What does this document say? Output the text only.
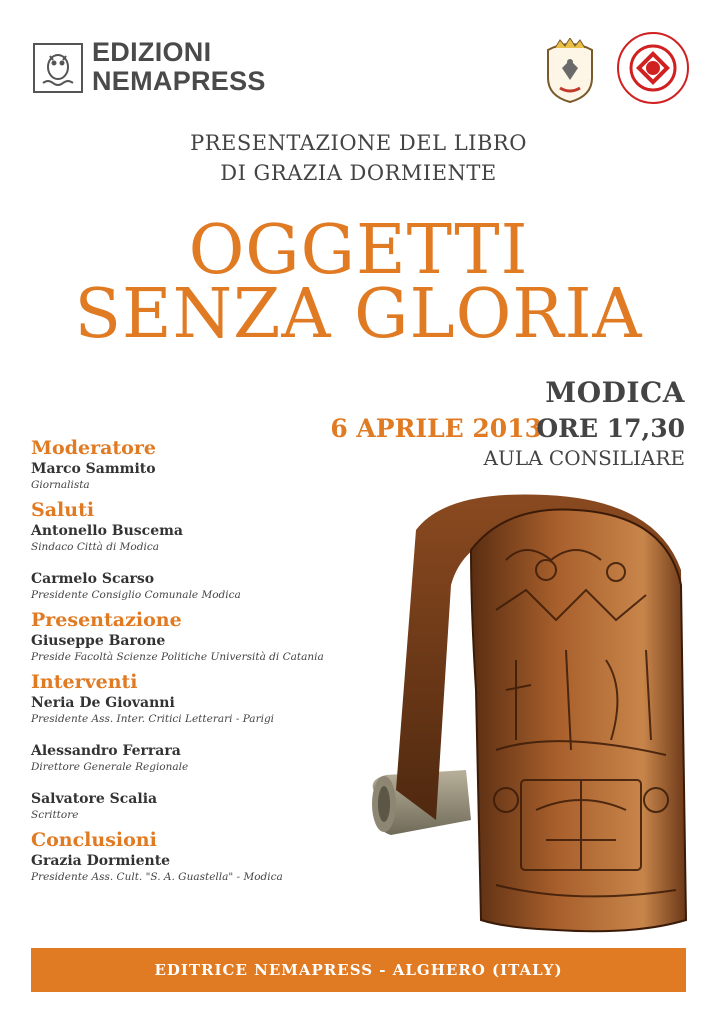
EDIZIONI
NEMAPRESS
PRESENTAZIONE DEL LIBRO
DI GRAZIA DORMIENTE
OGGETTI
SENZA GLORIA
MODICA
6 APRILE 2013
ORE 17,30
AULA CONSILIARE

Moderatore

Marco Sammito
Giornalista

Saluti

Antonello Buscema
Sindaco Città di Modica
Carmelo Scarso
Presidente Consiglio Comunale Modica

Presentazione

Giuseppe Barone
Preside Facoltà Scienze Politiche Università di Catania

Interventi

Neria De Giovanni
Presidente Ass. Inter. Critici Letterari - Parigi
Alessandro Ferrara
Direttore Generale Regionale
Salvatore Scalia
Scrittore

Conclusioni

Grazia Dormiente
Presidente Ass. Cult. "S. A. Guastella" - Modica
EDITRICE NEMAPRESS - ALGHERO (ITALY)
